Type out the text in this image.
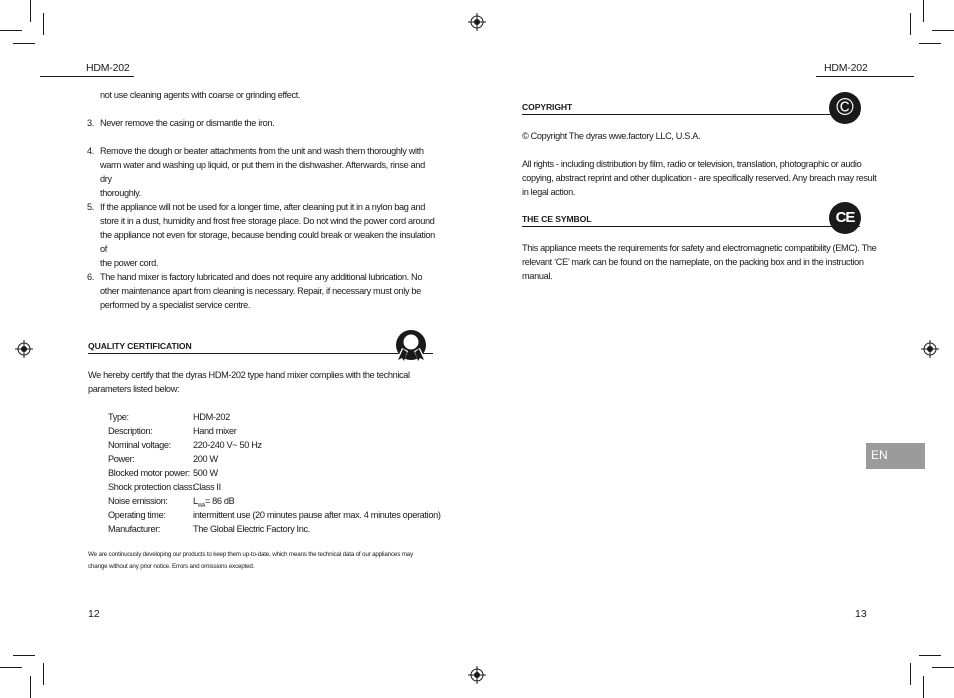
HDM-202
not use cleaning agents with coarse or grinding effect.
3. Never remove the casing or dismantle the iron.
4. Remove the dough or beater attachments from the unit and wash them thoroughly with
warm water and washing up liquid, or put them in the dishwasher. Afterwards, rinse and dry
thoroughly.
5. If the appliance will not be used for a longer time, after cleaning put it in a nylon bag and
store it in a dust, humidity and frost free storage place. Do not wind the power cord around
the appliance not even for storage, because bending could break or weaken the insulation of
the power cord.
6. The hand mixer is factory lubricated and does not require any additional lubrication. No
other maintenance apart from cleaning is necessary. Repair, if necessary must only be
performed by a specialist service centre.
QUALITY CERTIFICATION
We hereby certify that the dyras HDM-202 type hand mixer complies with the technical
parameters listed below:
Type:	HDM-202
Description:	Hand mixer
Nominal voltage:	220-240 V~ 50 Hz
Power:	200 W
Blocked motor power: 500 W
Shock protection class:
Class II
Noise emission:	$L_{WA}= 86$ dB
Operating time:	intermittent use (20 minutes pause after max. 4 minutes operation)
Manufacturer:	The Global Electric Factory Inc.
We are continuously developing our products to keep them up-to-date, which means the technical data of our appliances may
change without any prior notice. Errors and omissions excepted.
12
HDM-202
COPYRIGHT	©
© Copyright The dyras wwe.factory LLC, U.S.A.
All rights - including distribution by film, radio or television, translation, photographic or audio
copying, abstract reprint and other duplication - are specifically reserved. Any breach may result
in legal action.
THE CE SYMBOL	CE
This appliance meets the requirements for safety and electromagnetic compatibility (EMC). The
relevant ‘CE’ mark can be found on the nameplate, on the packing box and in the instruction
manual.
EN
13
